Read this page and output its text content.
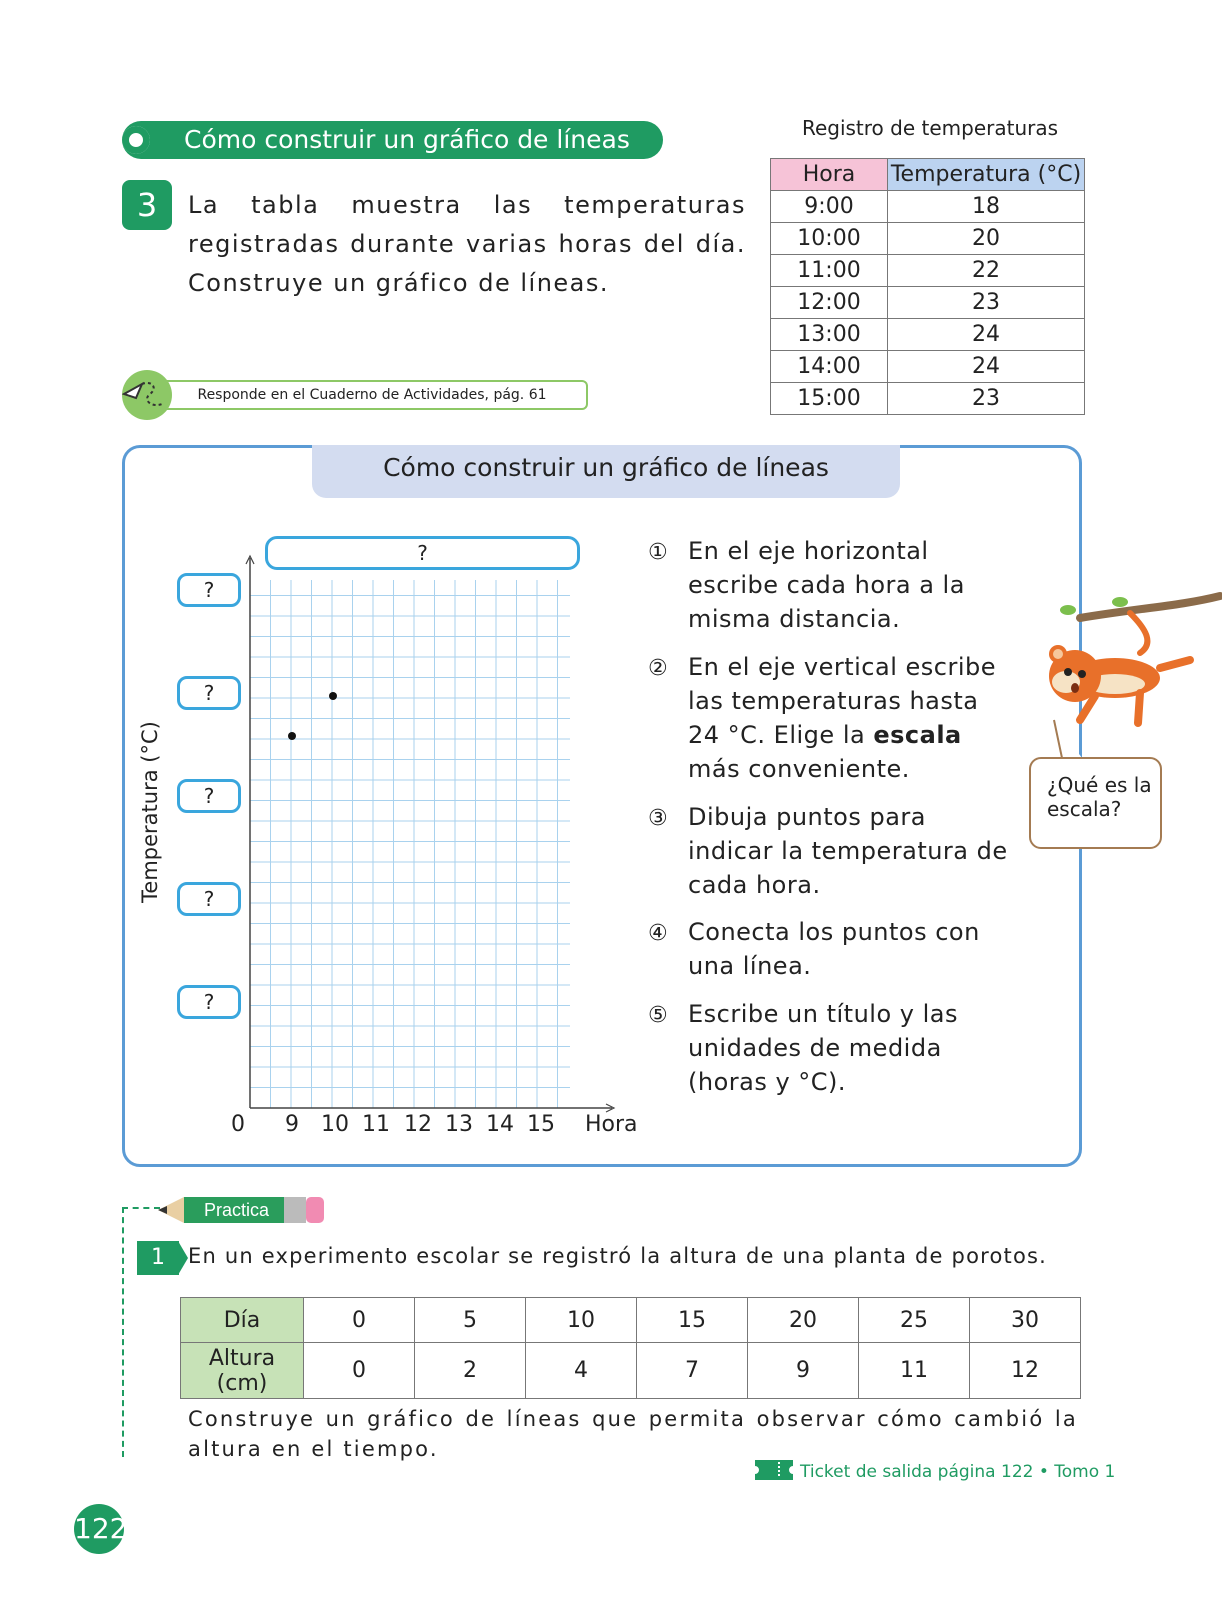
Cómo construir un gráfico de líneas
3	La tabla muestra las temperaturas registradas durante varias horas del día. Construye un gráfico de líneas.
Responde en el Cuaderno de Actividades, pág. 61
Registro de temperaturas
Hora	Temperatura (°C)
9:00	18
10:00	20
11:00	22
12:00	23
13:00	24
14:00	24
15:00	23
Cómo construir un gráfico de líneas
?
?
?
?
?
?
Temperatura (°C)
0 9 10 11 12 13 14 15 Hora
① En el eje horizontal escribe cada hora a la misma distancia.
② En el eje vertical escribe las temperaturas hasta 24 °C. Elige la escala más conveniente.
③ Dibuja puntos para indicar la temperatura de cada hora.
④ Conecta los puntos con una línea.
⑤ Escribe un título y las unidades de medida (horas y °C).
¿Qué es la escala?
Practica
1	En un experimento escolar se registró la altura de una planta de porotos.
Día	0	5	10	15	20	25	30
Altura (cm)	0	2	4	7	9	11	12
Construye un gráfico de líneas que permita observar cómo cambió la altura en el tiempo.
Ticket de salida página 122 • Tomo 1
122
